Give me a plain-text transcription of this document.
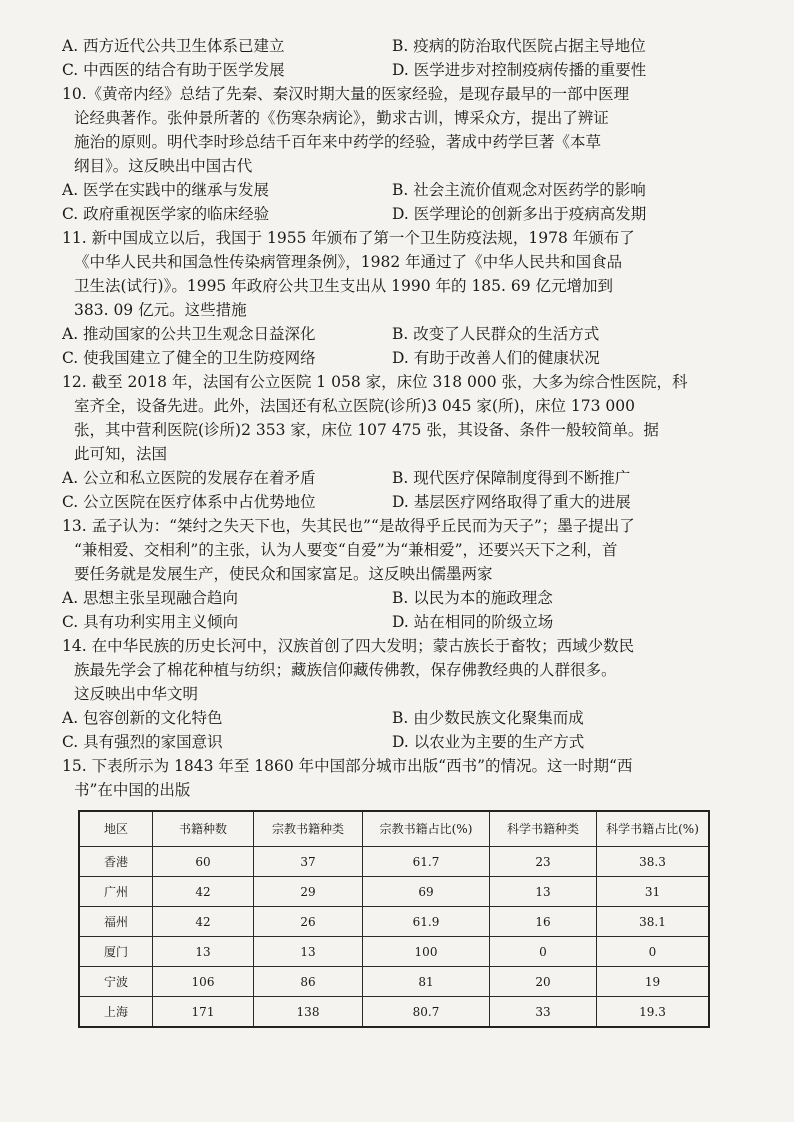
A. 西方近代公共卫生体系已建立	B. 疫病的防治取代医院占据主导地位
C. 中西医的结合有助于医学发展	D. 医学进步对控制疫病传播的重要性
10.《黄帝内经》总结了先秦、秦汉时期大量的医家经验，是现存最早的一部中医理
论经典著作。张仲景所著的《伤寒杂病论》，勤求古训，博采众方，提出了辨证
施治的原则。明代李时珍总结千百年来中药学的经验，著成中药学巨著《本草
纲目》。这反映出中国古代
A. 医学在实践中的继承与发展	B. 社会主流价值观念对医药学的影响
C. 政府重视医学家的临床经验	D. 医学理论的创新多出于疫病高发期
11. 新中国成立以后，我国于 1955 年颁布了第一个卫生防疫法规，1978 年颁布了
《中华人民共和国急性传染病管理条例》，1982 年通过了《中华人民共和国食品
卫生法(试行)》。1995 年政府公共卫生支出从 1990 年的 185. 69 亿元增加到
383. 09 亿元。这些措施
A. 推动国家的公共卫生观念日益深化	B. 改变了人民群众的生活方式
C. 使我国建立了健全的卫生防疫网络	D. 有助于改善人们的健康状况
12. 截至 2018 年，法国有公立医院 1 058 家，床位 318 000 张，大多为综合性医院，科
室齐全，设备先进。此外，法国还有私立医院(诊所)3 045 家(所)，床位 173 000
张，其中营利医院(诊所)2 353 家，床位 107 475 张，其设备、条件一般较简单。据
此可知，法国
A. 公立和私立医院的发展存在着矛盾	B. 现代医疗保障制度得到不断推广
C. 公立医院在医疗体系中占优势地位	D. 基层医疗网络取得了重大的进展
13. 孟子认为：“桀纣之失天下也，失其民也”“是故得乎丘民而为天子”；墨子提出了
“兼相爱、交相利”的主张，认为人要变“自爱”为“兼相爱”，还要兴天下之利，首
要任务就是发展生产，使民众和国家富足。这反映出儒墨两家
A. 思想主张呈现融合趋向	B. 以民为本的施政理念
C. 具有功利实用主义倾向	D. 站在相同的阶级立场
14. 在中华民族的历史长河中，汉族首创了四大发明；蒙古族长于畜牧；西域少数民
族最先学会了棉花种植与纺织；藏族信仰藏传佛教，保存佛教经典的人群很多。
这反映出中华文明
A. 包容创新的文化特色	B. 由少数民族文化聚集而成
C. 具有强烈的家国意识	D. 以农业为主要的生产方式
15. 下表所示为 1843 年至 1860 年中国部分城市出版“西书”的情况。这一时期“西
书”在中国的出版
地区	书籍种数	宗教书籍种类	宗教书籍占比(%)	科学书籍种类	科学书籍占比(%)
香港	60	37	61.7	23	38.3
广州	42	29	69	13	31
福州	42	26	61.9	16	38.1
厦门	13	13	100	0	0
宁波	106	86	81	20	19
上海	171	138	80.7	33	19.3
